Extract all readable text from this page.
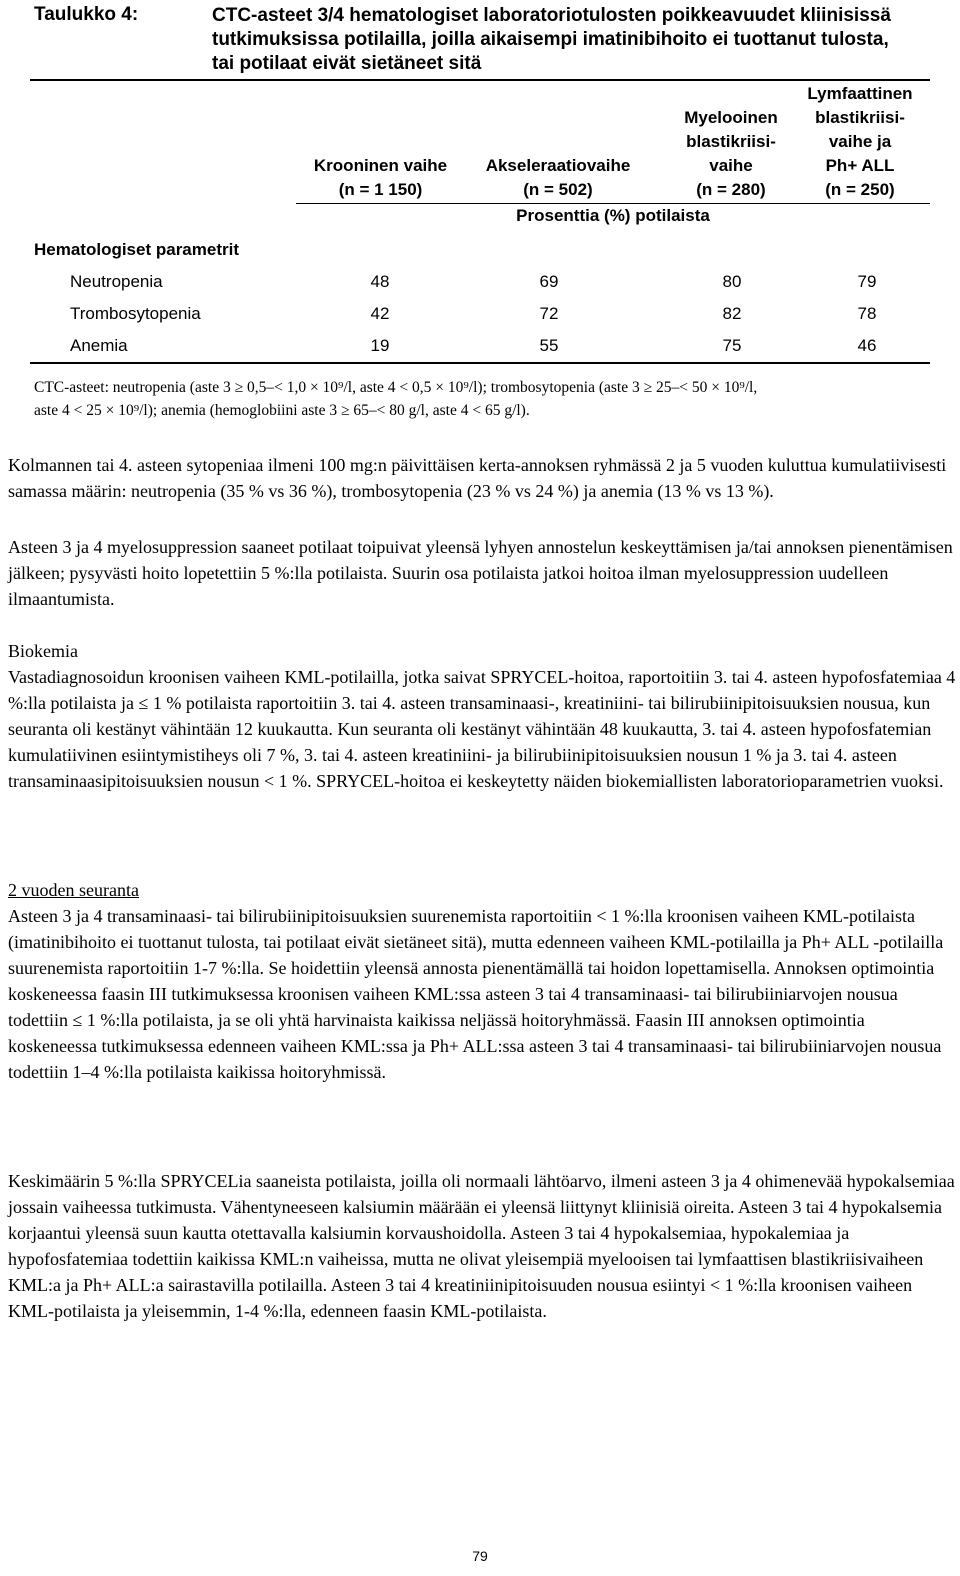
Taulukko 4:	CTC-asteet 3/4 hematologiset laboratoriotulosten poikkeavuudet kliinisissä tutkimuksissa potilailla, joilla aikaisempi imatinibihoito ei tuottanut tulosta, tai potilaat eivät sietäneet sitä
Krooninen vaihe
(n = 1 150)
Akseleraatiovaihe
(n = 502)
Myelooinen
blastikriisi-
vaihe
(n = 280)
Lymfaattinen
blastikriisi-
vaihe ja
Ph+ ALL
(n = 250)
Prosenttia (%) potilaista
Hematologiset parametrit
Neutropenia	48	69	80	79
Trombosytopenia	42	72	82	78
Anemia	19	55	75	46
CTC-asteet: neutropenia (aste 3 ≥ 0,5–< 1,0 × 10⁹/l, aste 4 < 0,5 × 10⁹/l); trombosytopenia (aste 3 ≥ 25–< 50 × 10⁹/l,
aste 4 < 25 × 10⁹/l); anemia (hemoglobiini aste 3 ≥ 65–< 80 g/l, aste 4 < 65 g/l).
Kolmannen tai 4. asteen sytopeniaa ilmeni 100 mg:n päivittäisen kerta-annoksen ryhmässä 2 ja 5 vuoden kuluttua kumulatiivisesti samassa määrin: neutropenia (35 % vs 36 %), trombosytopenia (23 % vs 24 %) ja anemia (13 % vs 13 %).
Asteen 3 ja 4 myelosuppression saaneet potilaat toipuivat yleensä lyhyen annostelun keskeyttämisen ja/tai annoksen pienentämisen jälkeen; pysyvästi hoito lopetettiin 5 %:lla potilaista. Suurin osa potilaista jatkoi hoitoa ilman myelosuppression uudelleen ilmaantumista.
Biokemia
Vastadiagnosoidun kroonisen vaiheen KML-potilailla, jotka saivat SPRYCEL-hoitoa, raportoitiin 3. tai 4. asteen hypofosfatemiaa 4 %:lla potilaista ja ≤ 1 % potilaista raportoitiin 3. tai 4. asteen transaminaasi-, kreatiniini- tai bilirubiinipitoisuuksien nousua, kun seuranta oli kestänyt vähintään 12 kuukautta. Kun seuranta oli kestänyt vähintään 48 kuukautta, 3. tai 4. asteen hypofosfatemian kumulatiivinen esiintymistiheys oli 7 %, 3. tai 4. asteen kreatiniini- ja bilirubiinipitoisuuksien nousun 1 % ja 3. tai 4. asteen transaminaasipitoisuuksien nousun < 1 %. SPRYCEL-hoitoa ei keskeytetty näiden biokemiallisten laboratorioparametrien vuoksi.
2 vuoden seuranta
Asteen 3 ja 4 transaminaasi- tai bilirubiinipitoisuuksien suurenemista raportoitiin < 1 %:lla kroonisen vaiheen KML-potilaista (imatinibihoito ei tuottanut tulosta, tai potilaat eivät sietäneet sitä), mutta edenneen vaiheen KML-potilailla ja Ph+ ALL -potilailla suurenemista raportoitiin 1-7 %:lla. Se hoidettiin yleensä annosta pienentämällä tai hoidon lopettamisella. Annoksen optimointia koskeneessa faasin III tutkimuksessa kroonisen vaiheen KML:ssa asteen 3 tai 4 transaminaasi- tai bilirubiiniarvojen nousua todettiin ≤ 1 %:lla potilaista, ja se oli yhtä harvinaista kaikissa neljässä hoitoryhmässä. Faasin III annoksen optimointia koskeneessa tutkimuksessa edenneen vaiheen KML:ssa ja Ph+ ALL:ssa asteen 3 tai 4 transaminaasi- tai bilirubiiniarvojen nousua todettiin 1–4 %:lla potilaista kaikissa hoitoryhmissä.
Keskimäärin 5 %:lla SPRYCELia saaneista potilaista, joilla oli normaali lähtöarvo, ilmeni asteen 3 ja 4 ohimenevää hypokalsemiaa jossain vaiheessa tutkimusta. Vähentyneeseen kalsiumin määrään ei yleensä liittynyt kliinisiä oireita. Asteen 3 tai 4 hypokalsemia korjaantui yleensä suun kautta otettavalla kalsiumin korvaushoidolla. Asteen 3 tai 4 hypokalsemiaa, hypokalemiaa ja hypofosfatemiaa todettiin kaikissa KML:n vaiheissa, mutta ne olivat yleisempiä myelooisen tai lymfaattisen blastikriisivaiheen KML:a ja Ph+ ALL:a sairastavilla potilailla. Asteen 3 tai 4 kreatiniinipitoisuuden nousua esiintyi < 1 %:lla kroonisen vaiheen KML-potilaista ja yleisemmin, 1-4 %:lla, edenneen faasin KML-potilaista.
79
